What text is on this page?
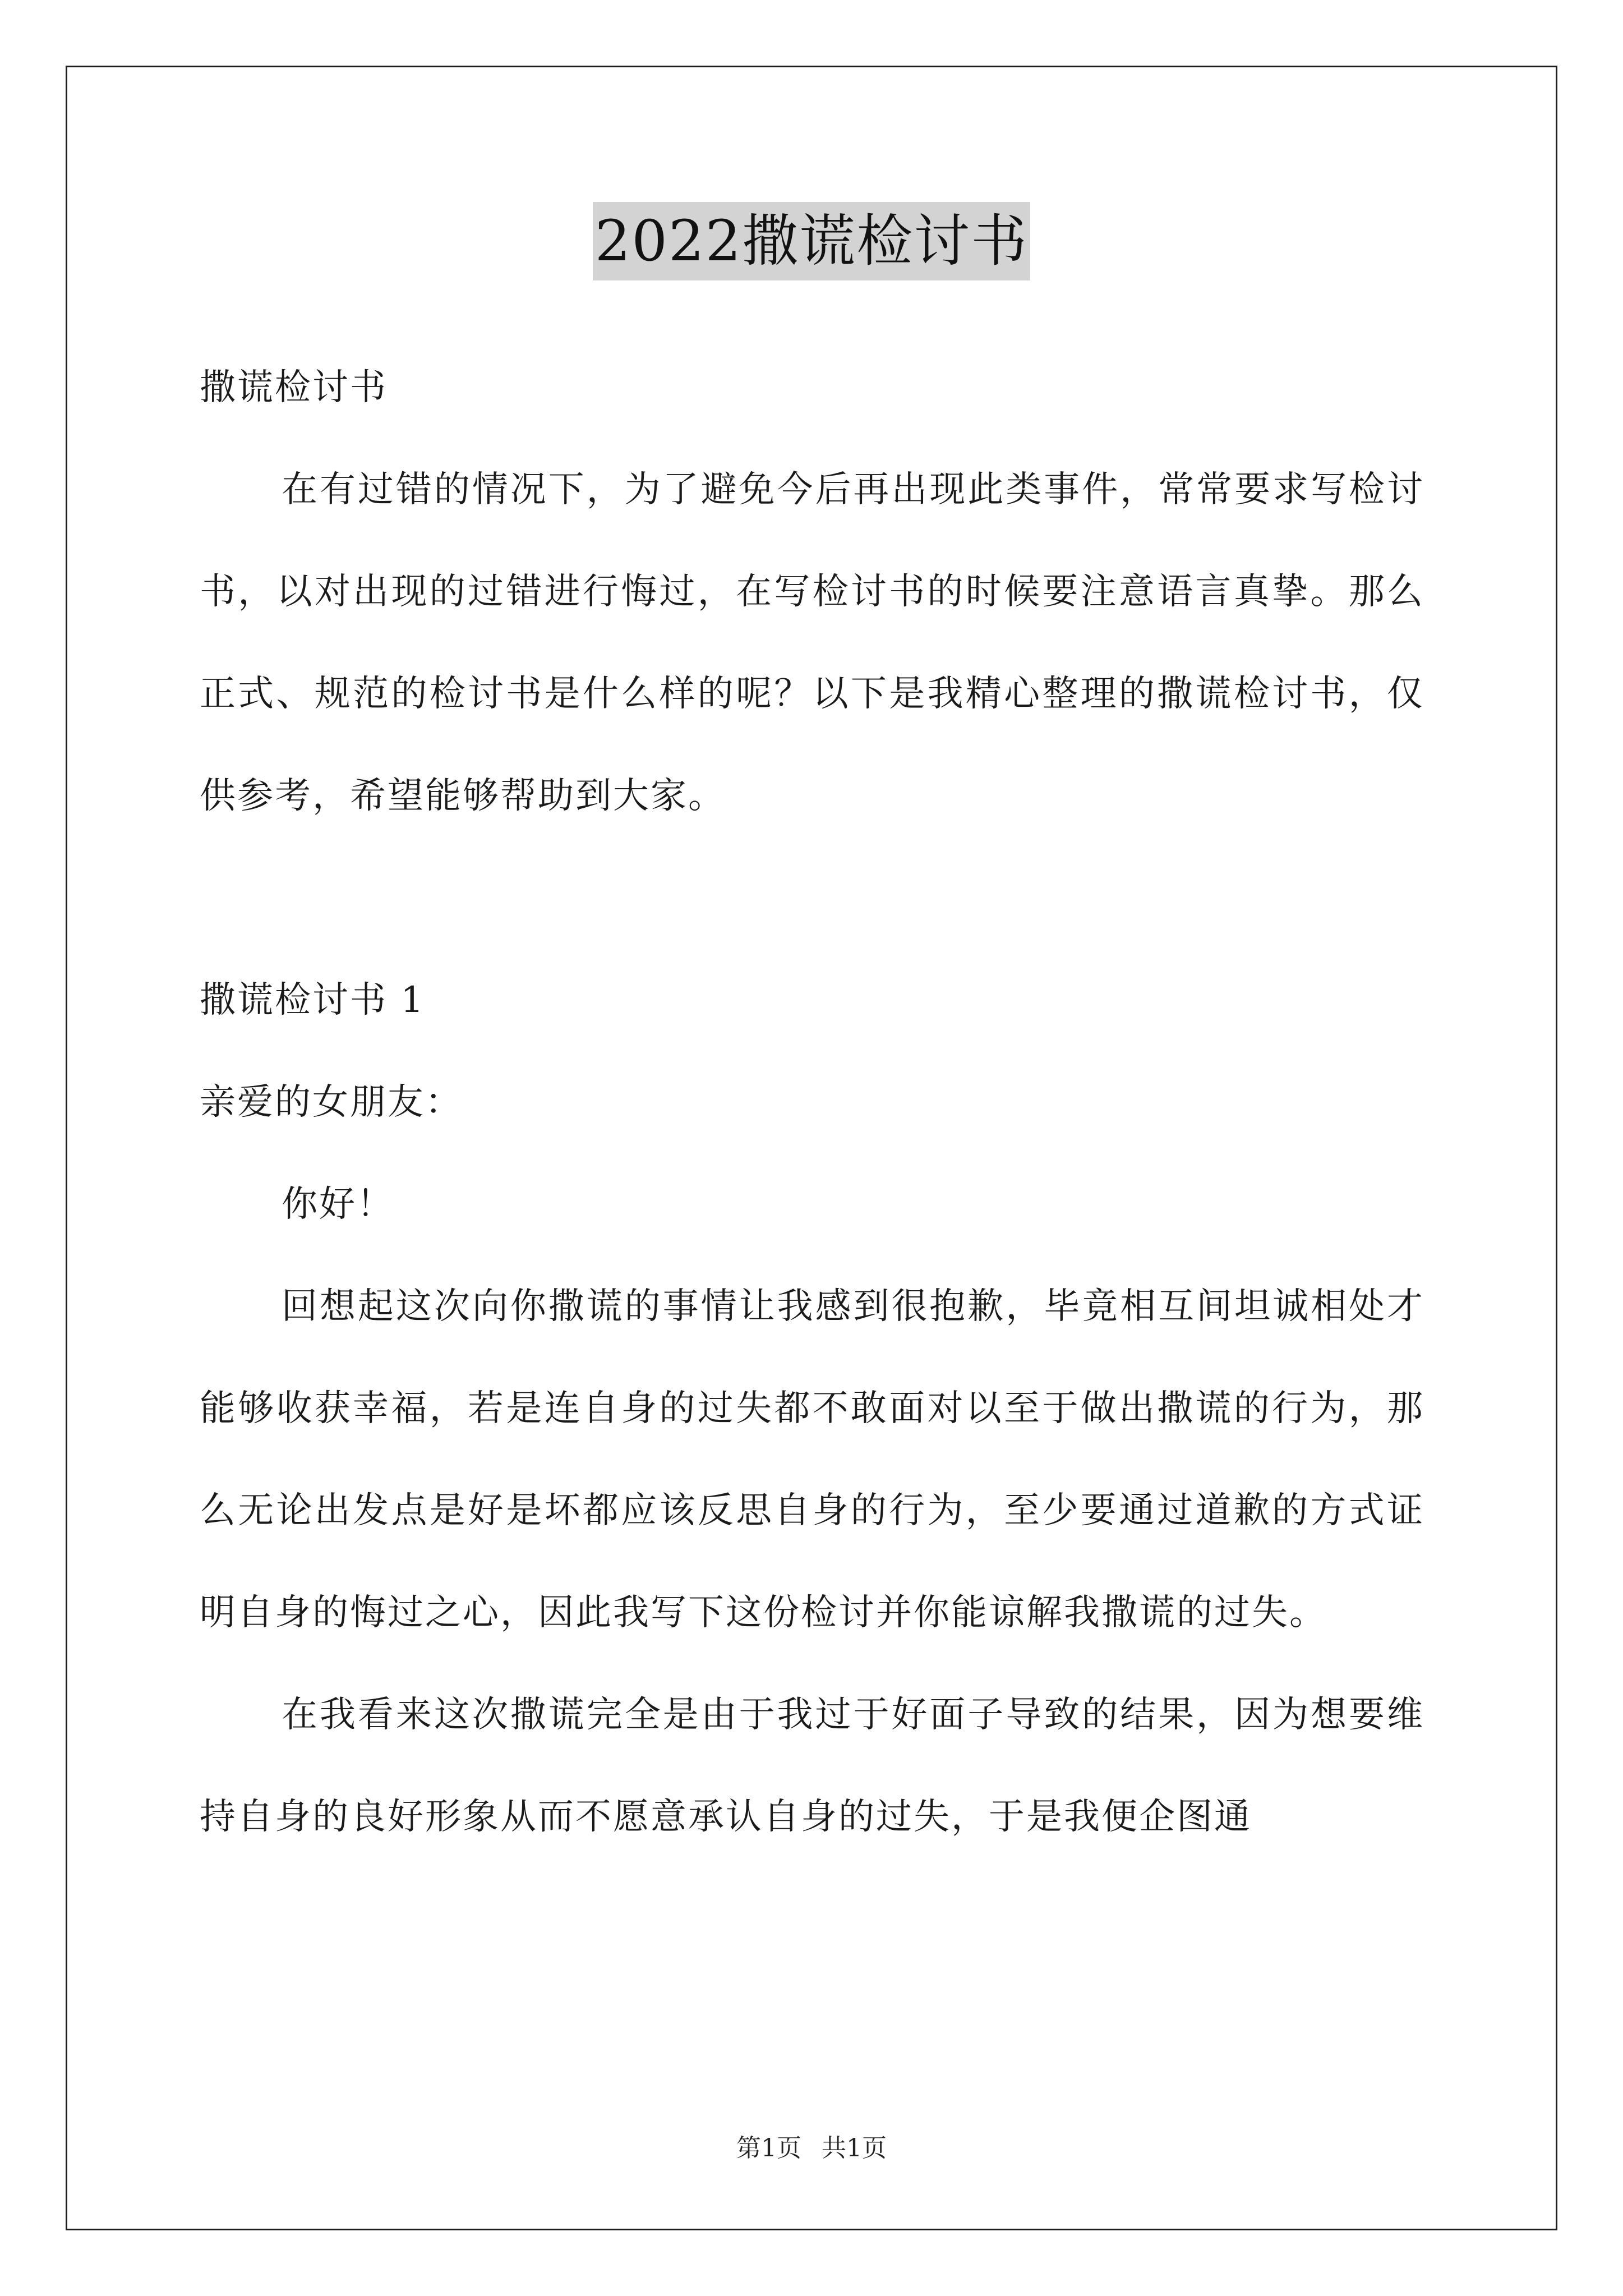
2022撒谎检讨书

撒谎检讨书

在有过错的情况下，为了避免今后再出现此类事件，常常要求写检讨书，以对出现的过错进行悔过，在写检讨书的时候要注意语言真挚。那么正式、规范的检讨书是什么样的呢？以下是我精心整理的撒谎检讨书，仅供参考，希望能够帮助到大家。

撒谎检讨书 1

亲爱的女朋友：

你好！

回想起这次向你撒谎的事情让我感到很抱歉，毕竟相互间坦诚相处才能够收获幸福，若是连自身的过失都不敢面对以至于做出撒谎的行为，那么无论出发点是好是坏都应该反思自身的行为，至少要通过道歉的方式证明自身的悔过之心，因此我写下这份检讨并你能谅解我撒谎的过失。

在我看来这次撒谎完全是由于我过于好面子导致的结果，因为想要维持自身的良好形象从而不愿意承认自身的过失，于是我便企图通

第1页 共1页
